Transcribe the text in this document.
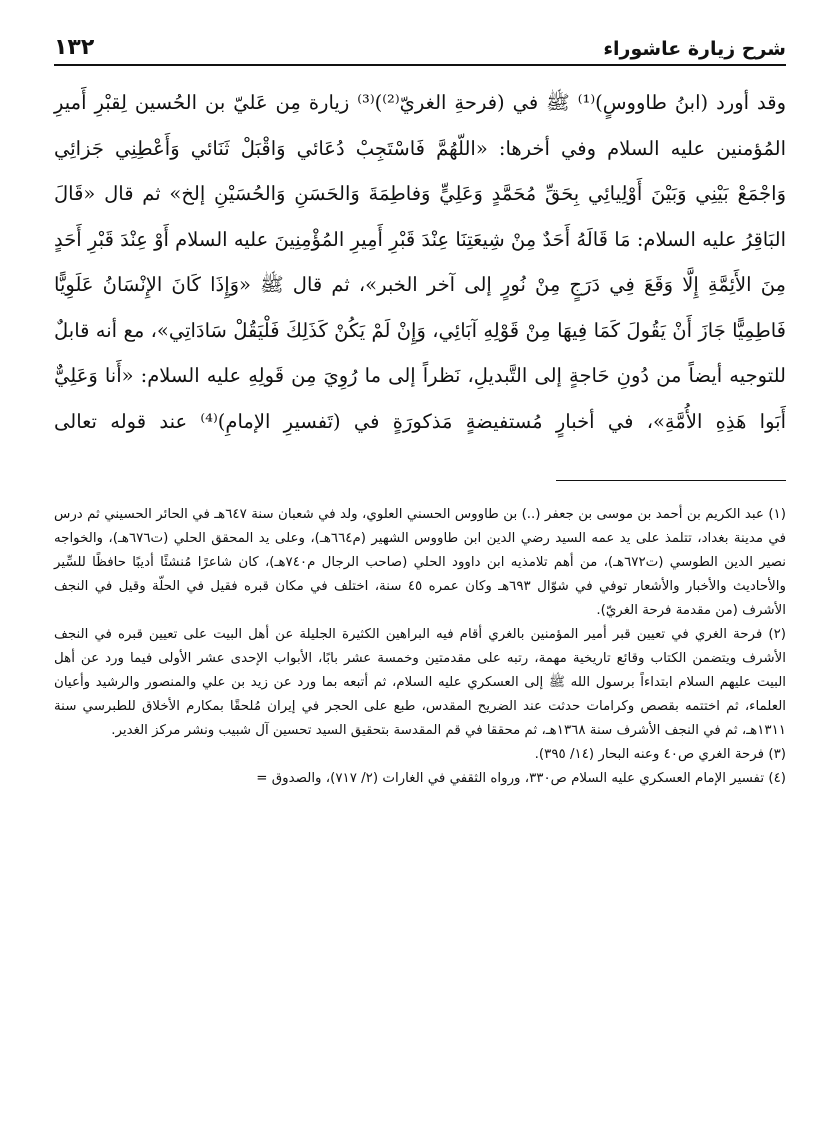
شرح زيارة عاشوراء
١٣٢

وقد أورد (ابنُ طاووسٍ)⁽¹⁾ ﷺ في (فرحةِ الغريّ⁽²⁾)⁽³⁾ زيارة مِن عَليّ بن الحُسين لِقبْرِ أَميرِ المُؤمنين عليه السلام وفي أخرها: «اللّهُمَّ فَاسْتَجِبْ دُعَائي وَاقْبَلْ ثَنَائي وَأَعْطِنِي جَزائِي وَاجْمَعْ بَيْنِي وَبَيْنَ أَوْلِيائِي بِحَقِّ مُحَمَّدٍ وَعَلِيٍّ وَفاطِمَةَ وَالحَسَنِ وَالحُسَيْنِ إلخ» ثم قال «قَالَ البَاقِرُ عليه السلام: مَا قَالَهُ أَحَدٌ مِنْ شِيعَتِنَا عِنْدَ قَبْرِ أَمِيرِ المُؤْمِنِينَ عليه السلام أَوْ عِنْدَ قَبْرِ أَحَدٍ مِنَ الأَئِمَّةِ إِلَّا وَقَعَ فِي دَرَجٍ مِنْ نُورٍ إلى آخر الخبر»، ثم قال ﷺ «وَإِذَا كَانَ الإِنْسَانُ عَلَوِيًّا فَاطِمِيًّا جَازَ أَنْ يَقُولَ كَمَا فِيهَا مِنْ قَوْلِهِ آبَائِي، وَإِنْ لَمْ يَكُنْ كَذَلِكَ فَلْيَقُلْ سَادَاتِي»، مع أنه قابلٌ للتوجيه أيضاً من دُونِ حَاجةٍ إلى التَّبديلِ، نَظراً إلى ما رُوِيَ مِن قَولِهِ عليه السلام: «أَنا وَعَلِيٌّ أَبَوا هَذِهِ الأُمَّةِ»، في أخبارٍ مُستفيضةٍ مَذكورَةٍ في (تَفسيرِ الإمامِ)⁽⁴⁾ عند قوله تعالى

(١) عبد الكريم بن أحمد بن موسى بن جعفر (..) بن طاووس الحسني العلوي، ولد في شعبان سنة ٦٤٧هـ في الحائر الحسيني ثم درس في مدينة بغداد، تتلمذ على يد عمه السيد رضي الدين ابن طاووس الشهير (م٦٦٤هـ)، وعلى يد المحقق الحلي (ت٦٧٦هـ)، والخواجه نصير الدين الطوسي (ت٦٧٢هـ)، من أهم تلامذيه ابن داوود الحلي (صاحب الرجال م٧٤٠هـ)، كان شاعرًا مُنشئًا أديبًا حافظًا للسِّير والأحاديث والأخبار والأشعار توفي في شوّال ٦٩٣هـ وكان عمره ٤٥ سنة، اختلف في مكان قبره فقيل في الحلّة وقيل في النجف الأشرف (من مقدمة فرحة الغريّ).

(٢) فرحة الغري في تعيين قبر أمير المؤمنين بالغري أقام فيه البراهين الكثيرة الجليلة عن أهل البيت على تعيين قبره في النجف الأشرف ويتضمن الكتاب وقائع تاريخية مهمة، رتبه على مقدمتين وخمسة عشر بابًا، الأبواب الإحدى عشر الأولى فيما ورد عن أهل البيت عليهم السلام ابتداءاً برسول الله ﷺ إلى العسكري عليه السلام، ثم أتبعه بما ورد عن زيد بن علي والمنصور والرشيد وأعيان العلماء، ثم اختتمه بقصص وكرامات حدثت عند الضريح المقدس، طبع على الحجر في إيران مُلحقًا بمكارم الأخلاق للطبرسي سنة ١٣١١هـ، ثم في النجف الأشرف سنة ١٣٦٨هـ، ثم محققا في قم المقدسة بتحقيق السيد تحسين آل شبيب ونشر مركز الغدير.

(٣) فرحة الغري ص٤٠ وعنه البحار (١٤/ ٣٩٥).

(٤) تفسير الإمام العسكري عليه السلام ص٣٣٠، ورواه الثقفي في الغارات (٢/ ٧١٧)، والصدوق =
